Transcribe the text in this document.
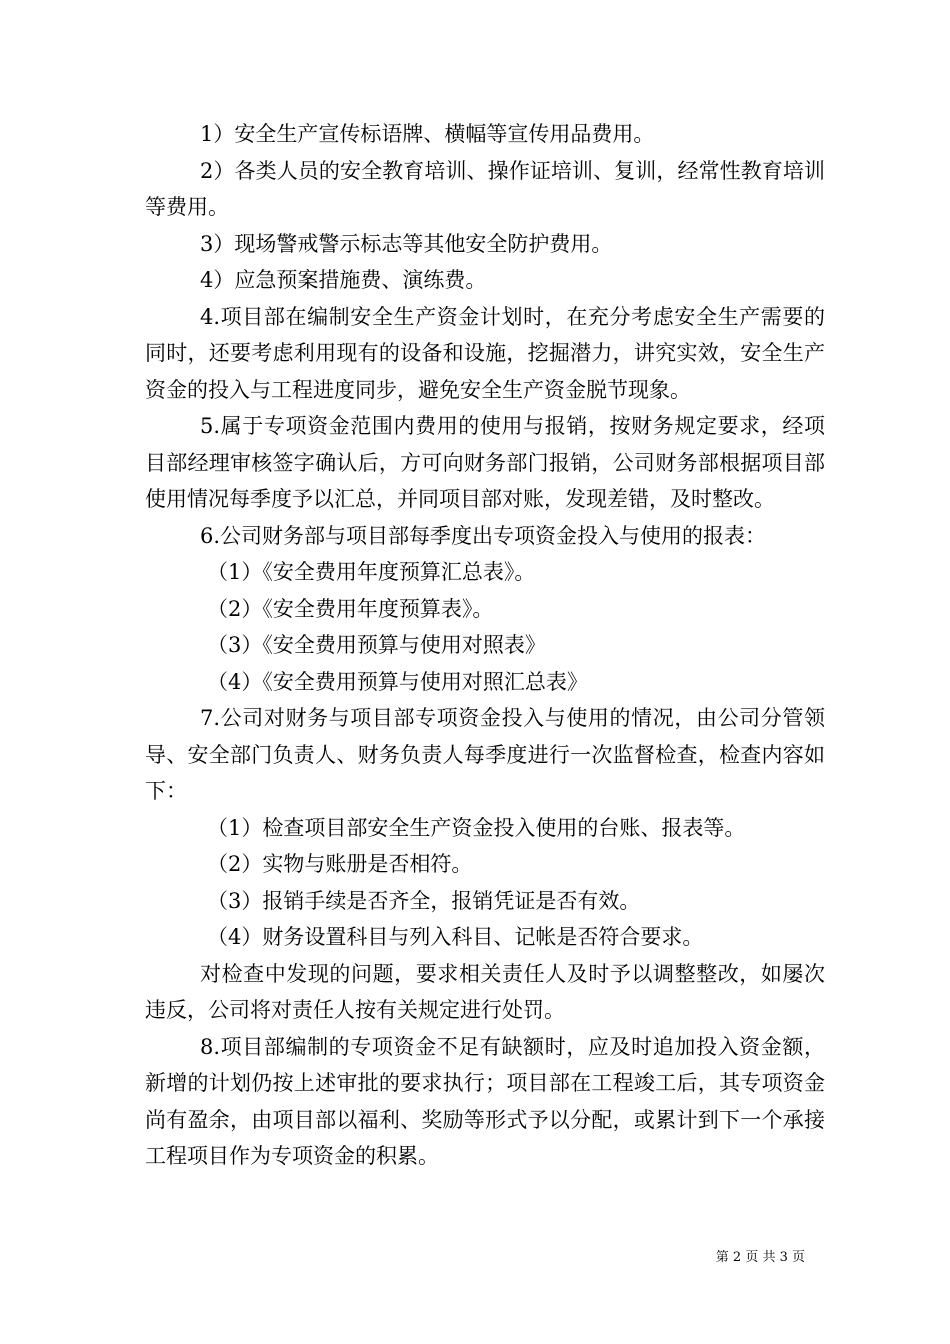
1）安全生产宣传标语牌、横幅等宣传用品费用。

2）各类人员的安全教育培训、操作证培训、复训，经常性教育培训等费用。

3）现场警戒警示标志等其他安全防护费用。

4）应急预案措施费、演练费。

4.项目部在编制安全生产资金计划时，在充分考虑安全生产需要的同时，还要考虑利用现有的设备和设施，挖掘潜力，讲究实效，安全生产资金的投入与工程进度同步，避免安全生产资金脱节现象。

5.属于专项资金范围内费用的使用与报销，按财务规定要求，经项目部经理审核签字确认后，方可向财务部门报销，公司财务部根据项目部使用情况每季度予以汇总，并同项目部对账，发现差错，及时整改。

6.公司财务部与项目部每季度出专项资金投入与使用的报表：

（1）《安全费用年度预算汇总表》。

（2）《安全费用年度预算表》。

（3）《安全费用预算与使用对照表》

（4）《安全费用预算与使用对照汇总表》

7.公司对财务与项目部专项资金投入与使用的情况，由公司分管领导、安全部门负责人、财务负责人每季度进行一次监督检查，检查内容如下：

（1）检查项目部安全生产资金投入使用的台账、报表等。

（2）实物与账册是否相符。

（3）报销手续是否齐全，报销凭证是否有效。

（4）财务设置科目与列入科目、记帐是否符合要求。

对检查中发现的问题，要求相关责任人及时予以调整整改，如屡次违反，公司将对责任人按有关规定进行处罚。

8.项目部编制的专项资金不足有缺额时，应及时追加投入资金额，新增的计划仍按上述审批的要求执行；项目部在工程竣工后，其专项资金尚有盈余，由项目部以福利、奖励等形式予以分配，或累计到下一个承接工程项目作为专项资金的积累。

第 2 页 共 3 页
